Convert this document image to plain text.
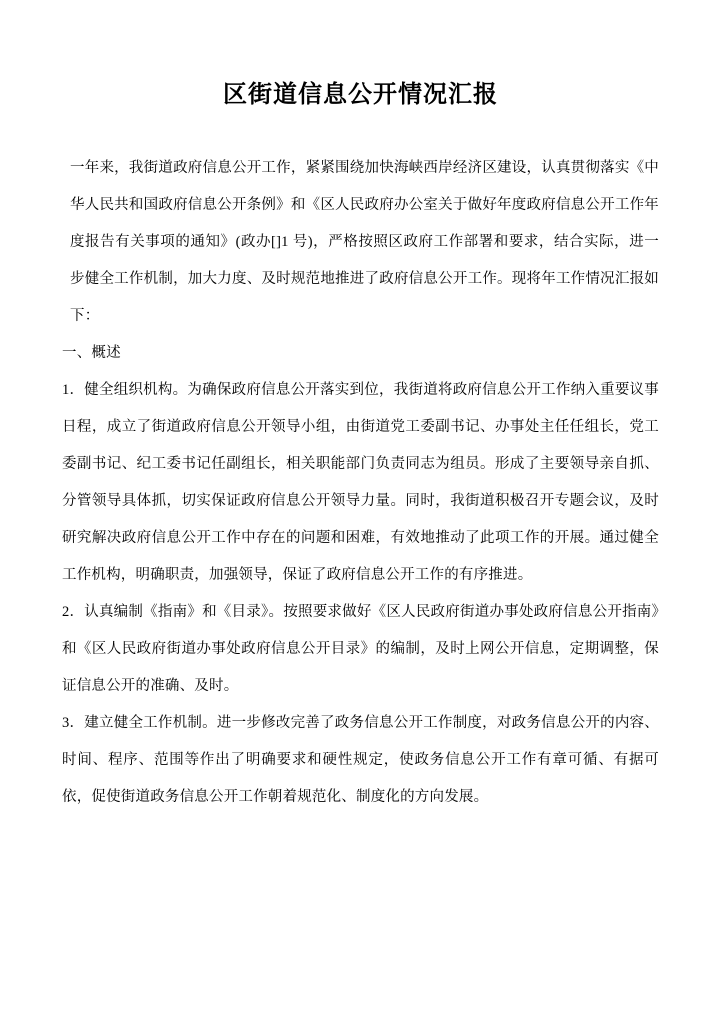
区街道信息公开情况汇报

一年来，我街道政府信息公开工作，紧紧围绕加快海峡西岸经济区建设，认真贯彻落实《中华人民共和国政府信息公开条例》和《区人民政府办公室关于做好年度政府信息公开工作年度报告有关事项的通知》(政办[]1 号)，严格按照区政府工作部署和要求，结合实际，进一步健全工作机制，加大力度、及时规范地推进了政府信息公开工作。现将年工作情况汇报如下：

一、概述

1．健全组织机构。为确保政府信息公开落实到位，我街道将政府信息公开工作纳入重要议事日程，成立了街道政府信息公开领导小组，由街道党工委副书记、办事处主任任组长，党工委副书记、纪工委书记任副组长，相关职能部门负责同志为组员。形成了主要领导亲自抓、分管领导具体抓，切实保证政府信息公开领导力量。同时，我街道积极召开专题会议，及时研究解决政府信息公开工作中存在的问题和困难，有效地推动了此项工作的开展。通过健全工作机构，明确职责，加强领导，保证了政府信息公开工作的有序推进。

2．认真编制《指南》和《目录》。按照要求做好《区人民政府街道办事处政府信息公开指南》和《区人民政府街道办事处政府信息公开目录》的编制，及时上网公开信息，定期调整，保证信息公开的准确、及时。

3．建立健全工作机制。进一步修改完善了政务信息公开工作制度，对政务信息公开的内容、时间、程序、范围等作出了明确要求和硬性规定，使政务信息公开工作有章可循、有据可依，促使街道政务信息公开工作朝着规范化、制度化的方向发展。
